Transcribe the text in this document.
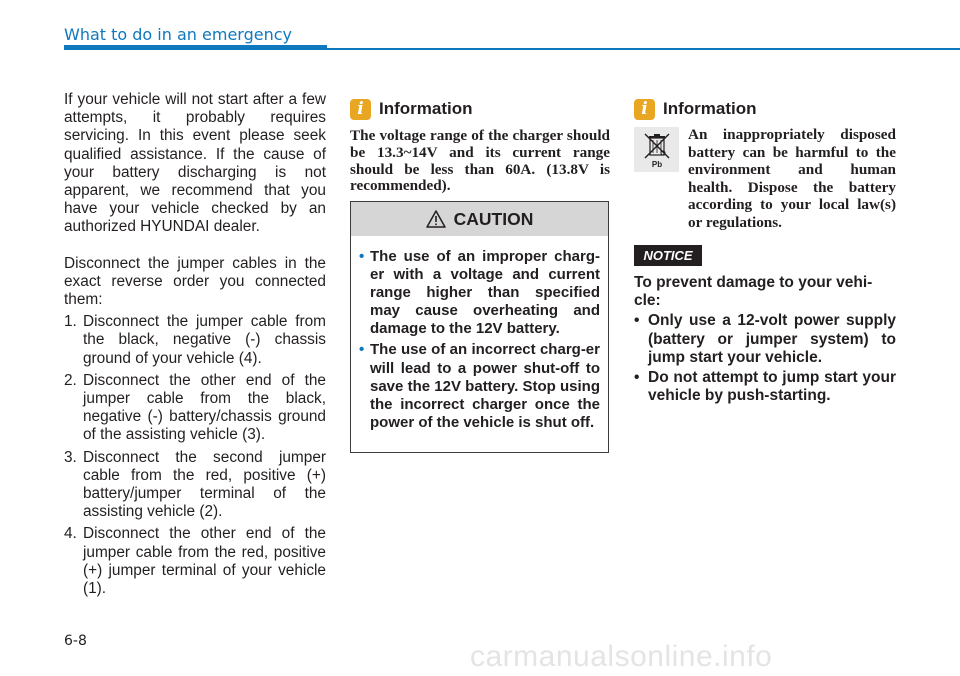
What to do in an emergency

If your vehicle will not start after a few attempts, it probably requires servicing. In this event please seek qualified assistance. If the cause of your battery discharging is not apparent, we recommend that you have your vehicle checked by an authorized HYUNDAI dealer.

Disconnect the jumper cables in the exact reverse order you connected them:

1. Disconnect the jumper cable from the black, negative (-) chassis ground of your vehicle (4).
2. Disconnect the other end of the jumper cable from the black, negative (-) battery/chassis ground of the assisting vehicle (3).
3. Disconnect the second jumper cable from the red, positive (+) battery/jumper terminal of the assisting vehicle (2).
4. Disconnect the other end of the jumper cable from the red, positive (+) jumper terminal of your vehicle (1).
i Information

The voltage range of the charger should be 13.3~14V and its current range should be less than 60A. (13.8V is recommended).

CAUTION
• The use of an improper charg-er with a voltage and current range higher than specified may cause overheating and damage to the 12V battery.
• The use of an incorrect charg-er will lead to a power shut-off to save the 12V battery. Stop using the incorrect charger once the power of the vehicle is shut off.
i Information
Pb

An inappropriately disposed battery can be harmful to the environment and human health. Dispose the battery according to your local law(s) or regulations.

NOTICE

To prevent damage to your vehi-cle:

• Only use a 12-volt power supply (battery or jumper system) to jump start your vehicle.
• Do not attempt to jump start your vehicle by push-starting.
6-8	carmanualsonline.info
